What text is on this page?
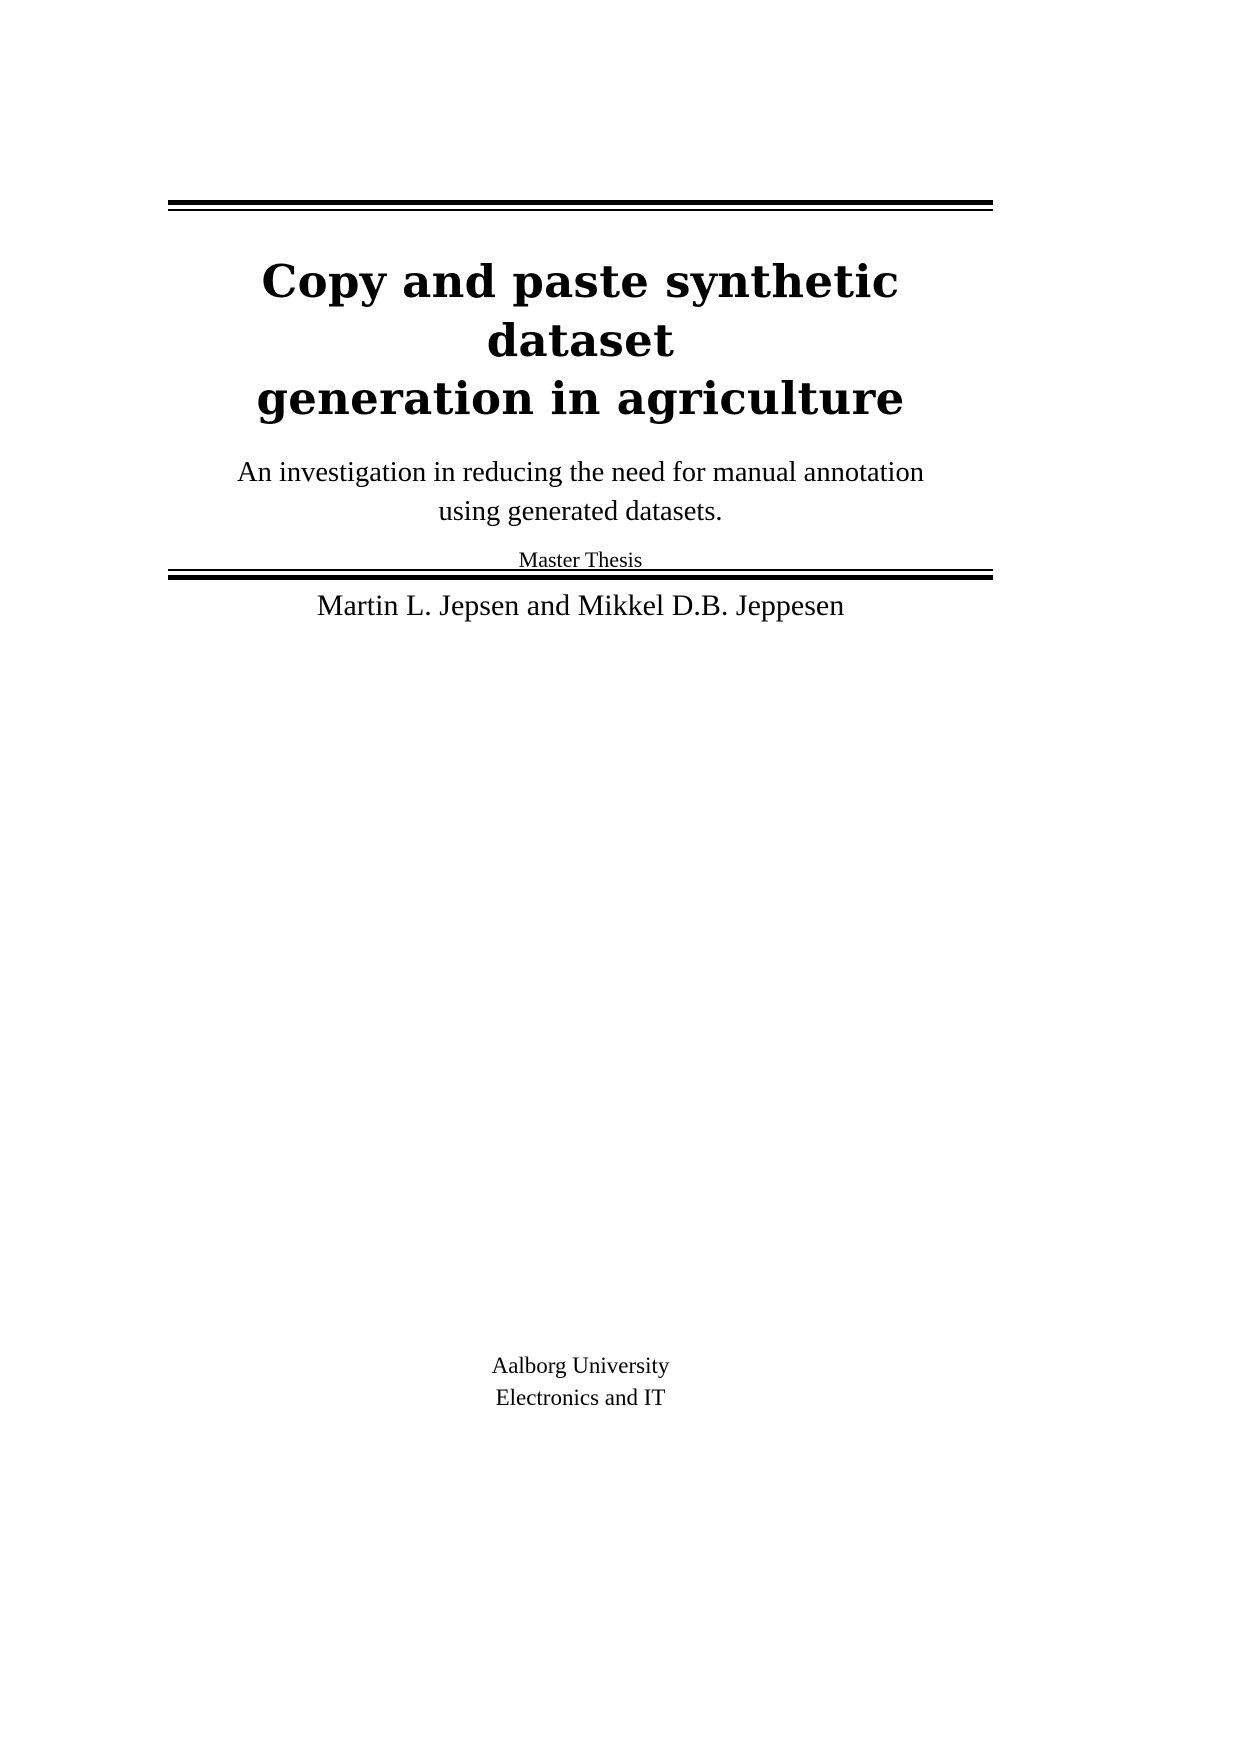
Copy and paste synthetic dataset
generation in agriculture
An investigation in reducing the need for manual annotation
using generated datasets.
Master Thesis
Martin L. Jepsen and Mikkel D.B. Jeppesen
Aalborg University
Electronics and IT
